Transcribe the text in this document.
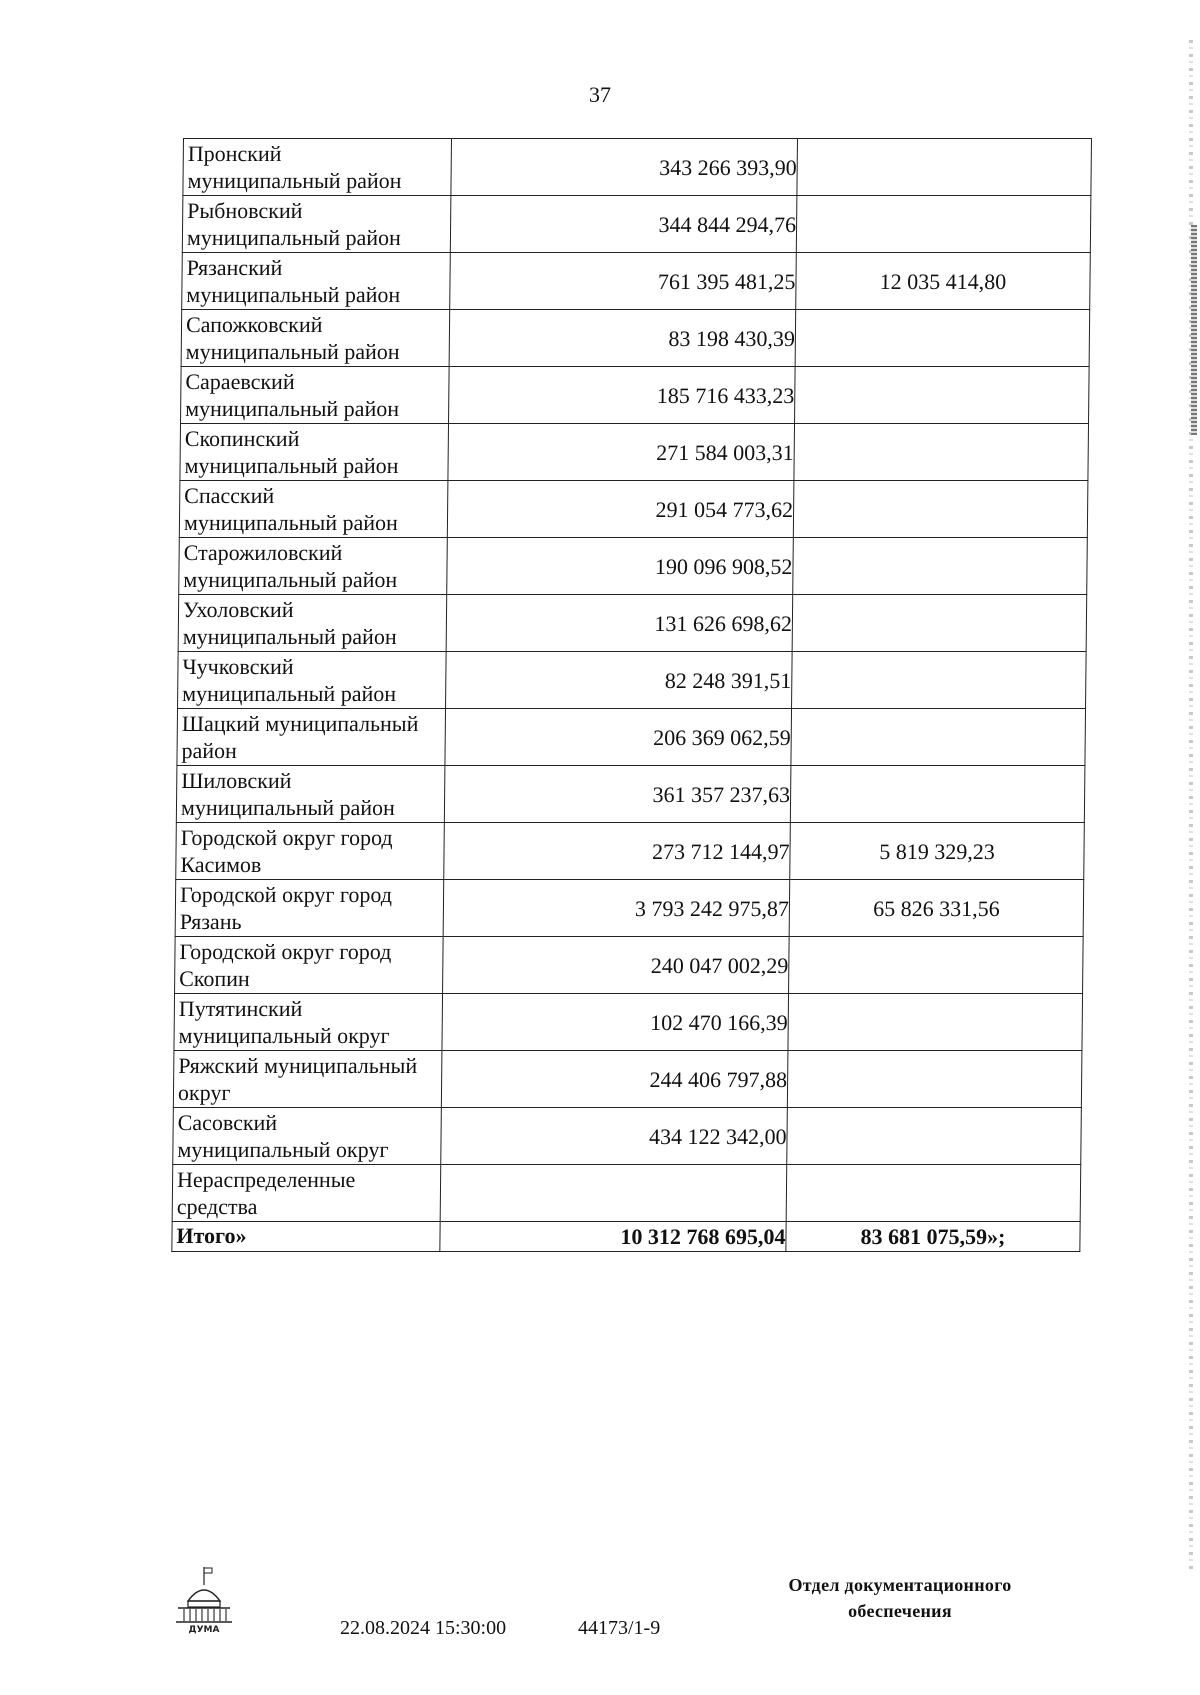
37
Пронский
муниципальный район	343 266 393,90	
Рыбновский
муниципальный район	344 844 294,76	
Рязанский
муниципальный район	761 395 481,25	12 035 414,80
Сапожковский
муниципальный район	83 198 430,39	
Сараевский
муниципальный район	185 716 433,23	
Скопинский
муниципальный район	271 584 003,31	
Спасский
муниципальный район	291 054 773,62	
Старожиловский
муниципальный район	190 096 908,52	
Ухоловский
муниципальный район	131 626 698,62	
Чучковский
муниципальный район	82 248 391,51	
Шацкий муниципальный
район	206 369 062,59	
Шиловский
муниципальный район	361 357 237,63	
Городской округ город
Касимов	273 712 144,97	5 819 329,23
Городской округ город
Рязань	3 793 242 975,87	65 826 331,56
Городской округ город
Скопин	240 047 002,29	
Путятинский
муниципальный округ	102 470 166,39	
Ряжский муниципальный
округ	244 406 797,88	
Сасовский
муниципальный округ	434 122 342,00	
Нераспределенные
средства		
Итого»	10 312 768 695,04	83 681 075,59»;
ДУМА	22.08.2024 15:30:00	44173/1-9
Отдел документационного
обеспечения
